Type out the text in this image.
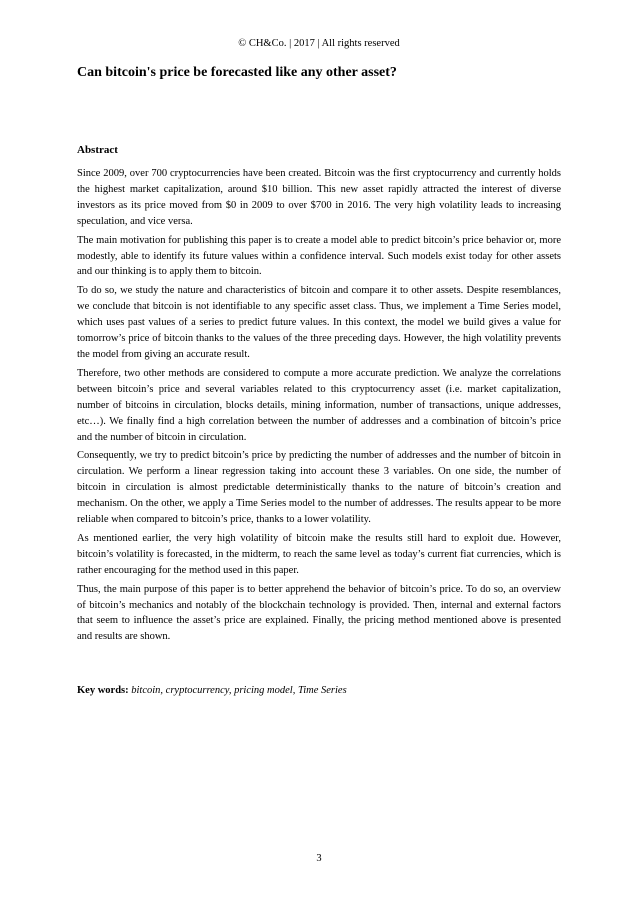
© CH&Co. | 2017 | All rights reserved
Can bitcoin's price be forecasted like any other asset?
Abstract

Since 2009, over 700 cryptocurrencies have been created. Bitcoin was the first cryptocurrency and currently holds the highest market capitalization, around $10 billion. This new asset rapidly attracted the interest of diverse investors as its price moved from $0 in 2009 to over $700 in 2016. The very high volatility leads to increasing speculation, and vice versa.

The main motivation for publishing this paper is to create a model able to predict bitcoin’s price behavior or, more modestly, able to identify its future values within a confidence interval. Such models exist today for other assets and our thinking is to apply them to bitcoin.

To do so, we study the nature and characteristics of bitcoin and compare it to other assets. Despite resemblances, we conclude that bitcoin is not identifiable to any specific asset class. Thus, we implement a Time Series model, which uses past values of a series to predict future values. In this context, the model we build gives a value for tomorrow’s price of bitcoin thanks to the values of the three preceding days. However, the high volatility prevents the model from giving an accurate result.

Therefore, two other methods are considered to compute a more accurate prediction. We analyze the correlations between bitcoin’s price and several variables related to this cryptocurrency asset (i.e. market capitalization, number of bitcoins in circulation, blocks details, mining information, number of transactions, unique addresses, etc…). We finally find a high correlation between the number of addresses and a combination of bitcoin’s price and the number of bitcoin in circulation.

Consequently, we try to predict bitcoin’s price by predicting the number of addresses and the number of bitcoin in circulation. We perform a linear regression taking into account these 3 variables. On one side, the number of bitcoin in circulation is almost predictable deterministically thanks to the nature of bitcoin’s creation and mechanism. On the other, we apply a Time Series model to the number of addresses. The results appear to be more reliable when compared to bitcoin’s price, thanks to a lower volatility.

As mentioned earlier, the very high volatility of bitcoin make the results still hard to exploit due. However, bitcoin’s volatility is forecasted, in the midterm, to reach the same level as today’s current fiat currencies, which is rather encouraging for the method used in this paper.

Thus, the main purpose of this paper is to better apprehend the behavior of bitcoin’s price. To do so, an overview of bitcoin’s mechanics and notably of the blockchain technology is provided. Then, internal and external factors that seem to influence the asset’s price are explained. Finally, the pricing method mentioned above is presented and results are shown.

Key words: bitcoin, cryptocurrency, pricing model, Time Series

3
